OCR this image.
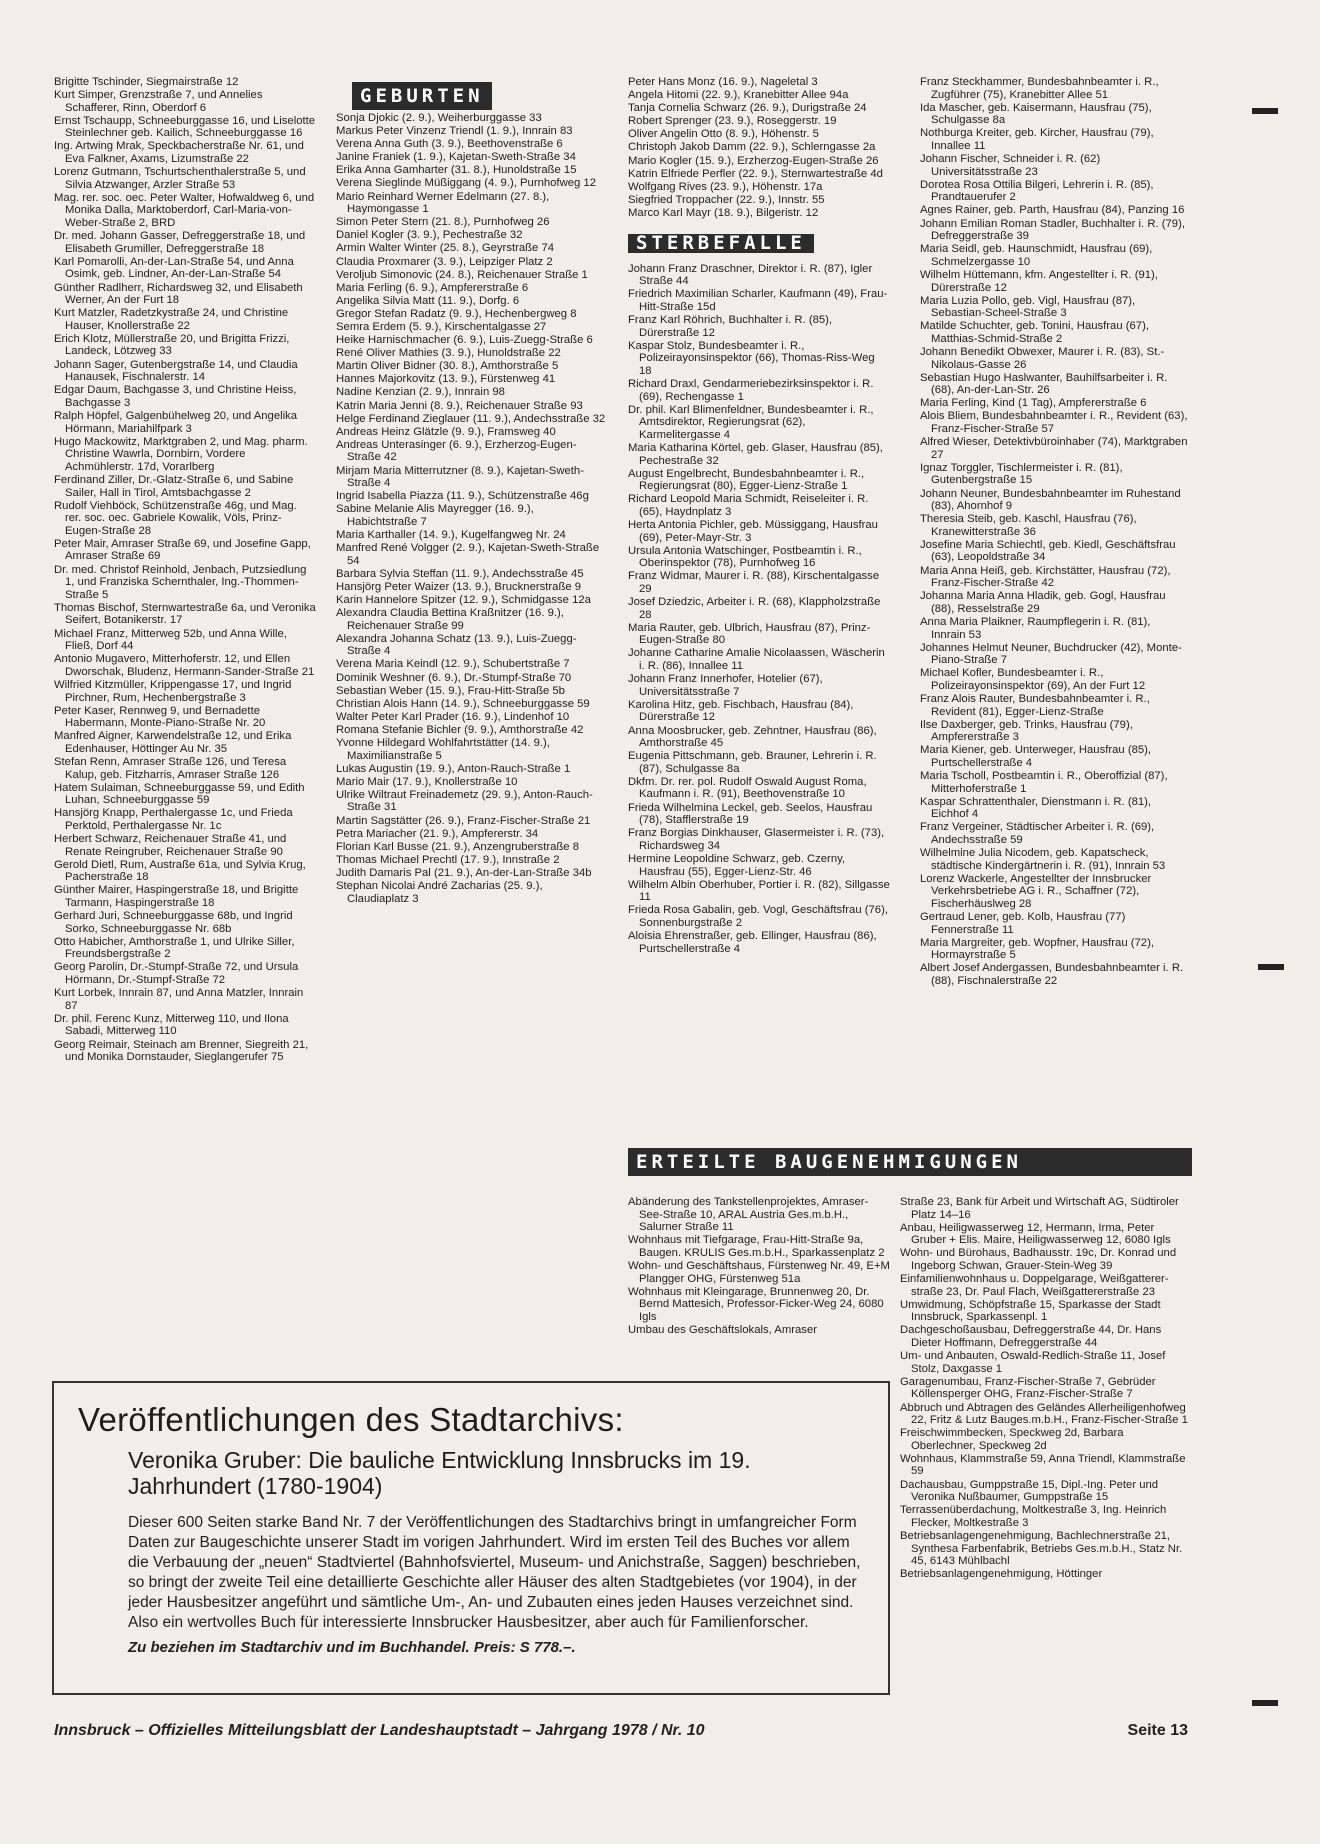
Brigitte Tschinder, Siegmairstraße 12

Kurt Simper, Grenzstraße 7, und Annelies Schafferer, Rinn, Oberdorf 6

Ernst Tschaupp, Schneeburggasse 16, und Liselotte Steinlechner geb. Kailich, Schneeburggasse 16

Ing. Artwing Mrak, Speckbacherstraße Nr. 61, und Eva Falkner, Axams, Lizumstraße 22

Lorenz Gutmann, Tschurtschenthalerstraße 5, und Silvia Atzwanger, Arzler Straße 53

Mag. rer. soc. oec. Peter Walter, Hofwaldweg 6, und Monika Dalla, Marktoberdorf, Carl-Maria-von-Weber-Straße 2, BRD

Dr. med. Johann Gasser, Defreggerstraße 18, und Elisabeth Grumiller, Defreggerstraße 18

Karl Pomarolli, An-der-Lan-Straße 54, und Anna Osimk, geb. Lindner, An-der-Lan-Straße 54

Günther Radlherr, Richardsweg 32, und Elisabeth Werner, An der Furt 18

Kurt Matzler, Radetzkystraße 24, und Christine Hauser, Knollerstraße 22

Erich Klotz, Müllerstraße 20, und Brigitta Frizzi, Landeck, Lötzweg 33

Johann Sager, Gutenbergstraße 14, und Claudia Hanausek, Fischnalerstr. 14

Edgar Daum, Bachgasse 3, und Christine Heiss, Bachgasse 3

Ralph Höpfel, Galgenbühelweg 20, und Angelika Hörmann, Mariahilfpark 3

Hugo Mackowitz, Marktgraben 2, und Mag. pharm. Christine Wawrla, Dornbirn, Vordere Achmühlerstr. 17d, Vorarlberg

Ferdinand Ziller, Dr.-Glatz-Straße 6, und Sabine Sailer, Hall in Tirol, Amtsbachgasse 2

Rudolf Viehböck, Schützenstraße 46g, und Mag. rer. soc. oec. Gabriele Kowalik, Völs, Prinz-Eugen-Straße 28

Peter Mair, Amraser Straße 69, und Josefine Gapp, Amraser Straße 69

Dr. med. Christof Reinhold, Jenbach, Putzsiedlung 1, und Franziska Schernthaler, Ing.-Thommen-Straße 5

Thomas Bischof, Sternwartestraße 6a, und Veronika Seifert, Botanikerstr. 17

Michael Franz, Mitterweg 52b, und Anna Wille, Fließ, Dorf 44

Antonio Mugavero, Mitterhoferstr. 12, und Ellen Dworschak, Bludenz, Hermann-Sander-Straße 21

Wilfried Kitzmüller, Krippengasse 17, und Ingrid Pirchner, Rum, Hechenbergstraße 3

Peter Kaser, Rennweg 9, und Bernadette Habermann, Monte-Piano-Straße Nr. 20

Manfred Aigner, Karwendelstraße 12, und Erika Edenhauser, Höttinger Au Nr. 35

Stefan Renn, Amraser Straße 126, und Teresa Kalup, geb. Fitzharris, Amraser Straße 126

Hatem Sulaiman, Schneeburggasse 59, und Edith Luhan, Schneeburggasse 59

Hansjörg Knapp, Perthalergasse 1c, und Frieda Perktold, Perthalergasse Nr. 1c

Herbert Schwarz, Reichenauer Straße 41, und Renate Reingruber, Reichenauer Straße 90

Gerold Dietl, Rum, Austraße 61a, und Sylvia Krug, Pacherstraße 18

Günther Mairer, Haspingerstraße 18, und Brigitte Tarmann, Haspingerstraße 18

Gerhard Juri, Schneeburggasse 68b, und Ingrid Sorko, Schneeburggasse Nr. 68b

Otto Habicher, Amthorstraße 1, und Ulrike Siller, Freundsbergstraße 2

Georg Parolin, Dr.-Stumpf-Straße 72, und Ursula Hörmann, Dr.-Stumpf-Straße 72

Kurt Lorbek, Innrain 87, und Anna Matzler, Innrain 87

Dr. phil. Ferenc Kunz, Mitterweg 110, und Ilona Sabadi, Mitterweg 110

Georg Reimair, Steinach am Brenner, Siegreith 21, und Monika Dornstauder, Sieglangerufer 75

GEBURTEN

Sonja Djokic (2. 9.), Weiherburggasse 33

Markus Peter Vinzenz Triendl (1. 9.), Innrain 83

Verena Anna Guth (3. 9.), Beethovenstraße 6

Janine Franiek (1. 9.), Kajetan-Sweth-Straße 34

Erika Anna Gamharter (31. 8.), Hunoldstraße 15

Verena Sieglinde Müßiggang (4. 9.), Purnhofweg 12

Mario Reinhard Werner Edelmann (27. 8.), Haymongasse 1

Simon Peter Stern (21. 8.), Purnhofweg 26

Daniel Kogler (3. 9.), Pechestraße 32

Armin Walter Winter (25. 8.), Geyrstraße 74

Claudia Proxmarer (3. 9.), Leipziger Platz 2

Veroljub Simonovic (24. 8.), Reichenauer Straße 1

Maria Ferling (6. 9.), Ampfererstraße 6

Angelika Silvia Matt (11. 9.), Dorfg. 6

Gregor Stefan Radatz (9. 9.), Hechenbergweg 8

Semra Erdem (5. 9.), Kirschentalgasse 27

Heike Harnischmacher (6. 9.), Luis-Zuegg-Straße 6

René Oliver Mathies (3. 9.), Hunoldstraße 22

Martin Oliver Bidner (30. 8.), Amthorstraße 5

Hannes Majorkovitz (13. 9.), Fürstenweg 41

Nadine Kenzian (2. 9.), Innrain 98

Katrin Maria Jenni (8. 9.), Reichenauer Straße 93

Helge Ferdinand Zieglauer (11. 9.), Andechsstraße 32

Andreas Heinz Glätzle (9. 9.), Framsweg 40

Andreas Unterasinger (6. 9.), Erzherzog-Eugen-Straße 42

Mirjam Maria Mitterrutzner (8. 9.), Kajetan-Sweth-Straße 4

Ingrid Isabella Piazza (11. 9.), Schützenstraße 46g

Sabine Melanie Alis Mayregger (16. 9.), Habichtstraße 7

Maria Karthaller (14. 9.), Kugelfangweg Nr. 24

Manfred René Volgger (2. 9.), Kajetan-Sweth-Straße 54

Barbara Sylvia Steffan (11. 9.), Andechsstraße 45

Hansjörg Peter Waizer (13. 9.), Brucknerstraße 9

Karin Hannelore Spitzer (12. 9.), Schmidgasse 12a

Alexandra Claudia Bettina Kraßnitzer (16. 9.), Reichenauer Straße 99

Alexandra Johanna Schatz (13. 9.), Luis-Zuegg-Straße 4

Verena Maria Keindl (12. 9.), Schubertstraße 7

Dominik Weshner (6. 9.), Dr.-Stumpf-Straße 70

Sebastian Weber (15. 9.), Frau-Hitt-Straße 5b

Christian Alois Hann (14. 9.), Schneeburggasse 59

Walter Peter Karl Prader (16. 9.), Lindenhof 10

Romana Stefanie Bichler (9. 9.), Amthorstraße 42

Yvonne Hildegard Wohlfahrtstätter (14. 9.), Maximilianstraße 5

Lukas Augustin (19. 9.), Anton-Rauch-Straße 1

Mario Mair (17. 9.), Knollerstraße 10

Ulrike Wiltraut Freinademetz (29. 9.), Anton-Rauch-Straße 31

Martin Sagstätter (26. 9.), Franz-Fischer-Straße 21

Petra Mariacher (21. 9.), Ampfererstr. 34

Florian Karl Busse (21. 9.), Anzengruberstraße 8

Thomas Michael Prechtl (17. 9.), Innstraße 2

Judith Damaris Pal (21. 9.), An-der-Lan-Straße 34b

Stephan Nicolai André Zacharias (25. 9.), Claudiaplatz 3

Peter Hans Monz (16. 9.), Nageletal 3

Angela Hitomi (22. 9.), Kranebitter Allee 94a

Tanja Cornelia Schwarz (26. 9.), Durigstraße 24

Robert Sprenger (23. 9.), Roseggerstr. 19

Oliver Angelin Otto (8. 9.), Höhenstr. 5

Christoph Jakob Damm (22. 9.), Schlerngasse 2a

Mario Kogler (15. 9.), Erzherzog-Eugen-Straße 26

Katrin Elfriede Perfler (22. 9.), Sternwartestraße 4d

Wolfgang Rives (23. 9.), Höhenstr. 17a

Siegfried Troppacher (22. 9.), Innstr. 55

Marco Karl Mayr (18. 9.), Bilgeristr. 12

STERBEFÄLLE

Johann Franz Draschner, Direktor i. R. (87), Igler Straße 44

Friedrich Maximilian Scharler, Kaufmann (49), Frau-Hitt-Straße 15d

Franz Karl Röhrich, Buchhalter i. R. (85), Dürerstraße 12

Kaspar Stolz, Bundesbeamter i. R., Polizeirayonsinspektor (66), Thomas-Riss-Weg 18

Richard Draxl, Gendarmeriebezirksinspektor i. R. (69), Rechengasse 1

Dr. phil. Karl Blimenfeldner, Bundesbeamter i. R., Amtsdirektor, Regierungsrat (62), Karmelitergasse 4

Maria Katharina Körtel, geb. Glaser, Hausfrau (85), Pechestraße 32

August Engelbrecht, Bundesbahnbeamter i. R., Regierungsrat (80), Egger-Lienz-Straße 1

Richard Leopold Maria Schmidt, Reiseleiter i. R. (65), Haydnplatz 3

Herta Antonia Pichler, geb. Müssiggang, Hausfrau (69), Peter-Mayr-Str. 3

Ursula Antonia Watschinger, Postbeamtin i. R., Oberinspektor (78), Purnhofweg 16

Franz Widmar, Maurer i. R. (88), Kirschentalgasse 29

Josef Dziedzic, Arbeiter i. R. (68), Klappholzstraße 28

Maria Rauter, geb. Ulbrich, Hausfrau (87), Prinz-Eugen-Straße 80

Johanne Catharine Amalie Nicolaassen, Wäscherin i. R. (86), Innallee 11

Johann Franz Innerhofer, Hotelier (67), Universitätsstraße 7

Karolina Hitz, geb. Fischbach, Hausfrau (84), Dürerstraße 12

Anna Moosbrucker, geb. Zehntner, Hausfrau (86), Amthorstraße 45

Eugenia Pittschmann, geb. Brauner, Lehrerin i. R. (87), Schulgasse 8a

Dkfm. Dr. rer. pol. Rudolf Oswald August Roma, Kaufmann i. R. (91), Beethovenstraße 10

Frieda Wilhelmina Leckel, geb. Seelos, Hausfrau (78), Stafflerstraße 19

Franz Borgias Dinkhauser, Glasermeister i. R. (73), Richardsweg 34

Hermine Leopoldine Schwarz, geb. Czerny, Hausfrau (55), Egger-Lienz-Str. 46

Wilhelm Albin Oberhuber, Portier i. R. (82), Sillgasse 11

Frieda Rosa Gabalin, geb. Vogl, Geschäftsfrau (76), Sonnenburgstraße 2

Aloisia Ehrenstraßer, geb. Ellinger, Hausfrau (86), Purtschellerstraße 4

Franz Steckhammer, Bundesbahnbeamter i. R., Zugführer (75), Kranebitter Allee 51

Ida Mascher, geb. Kaisermann, Hausfrau (75), Schulgasse 8a

Nothburga Kreiter, geb. Kircher, Hausfrau (79), Innallee 11

Johann Fischer, Schneider i. R. (62) Universitätsstraße 23

Dorotea Rosa Ottilia Bilgeri, Lehrerin i. R. (85), Prandtauerufer 2

Agnes Rainer, geb. Parth, Hausfrau (84), Panzing 16

Johann Emilian Roman Stadler, Buchhalter i. R. (79), Defreggerstraße 39

Maria Seidl, geb. Haunschmidt, Hausfrau (69), Schmelzergasse 10

Wilhelm Hüttemann, kfm. Angestellter i. R. (91), Dürerstraße 12

Maria Luzia Pollo, geb. Vigl, Hausfrau (87), Sebastian-Scheel-Straße 3

Matilde Schuchter, geb. Tonini, Hausfrau (67), Matthias-Schmid-Straße 2

Johann Benedikt Obwexer, Maurer i. R. (83), St.-Nikolaus-Gasse 26

Sebastian Hugo Haslwanter, Bauhilfsarbeiter i. R. (68), An-der-Lan-Str. 26

Maria Ferling, Kind (1 Tag), Ampfererstraße 6

Alois Bliem, Bundesbahnbeamter i. R., Revident (63), Franz-Fischer-Straße 57

Alfred Wieser, Detektivbüroinhaber (74), Marktgraben 27

Ignaz Torggler, Tischlermeister i. R. (81), Gutenbergstraße 15

Johann Neuner, Bundesbahnbeamter im Ruhestand (83), Ahornhof 9

Theresia Steib, geb. Kaschl, Hausfrau (76), Kranewitterstraße 36

Josefine Maria Schiechtl, geb. Kiedl, Geschäftsfrau (63), Leopoldstraße 34

Maria Anna Heiß, geb. Kirchstätter, Hausfrau (72), Franz-Fischer-Straße 42

Johanna Maria Anna Hladik, geb. Gogl, Hausfrau (88), Resselstraße 29

Anna Maria Plaikner, Raumpflegerin i. R. (81), Innrain 53

Johannes Helmut Neuner, Buchdrucker (42), Monte-Piano-Straße 7

Michael Kofler, Bundesbeamter i. R., Polizeirayonsinspektor (69), An der Furt 12

Franz Alois Rauter, Bundesbahnbeamter i. R., Revident (81), Egger-Lienz-Straße

Ilse Daxberger, geb. Trinks, Hausfrau (79), Ampfererstraße 3

Maria Kiener, geb. Unterweger, Hausfrau (85), Purtschellerstraße 4

Maria Tscholl, Postbeamtin i. R., Oberoffizial (87), Mitterhoferstraße 1

Kaspar Schrattenthaler, Dienstmann i. R. (81), Eichhof 4

Franz Vergeiner, Städtischer Arbeiter i. R. (69), Andechsstraße 59

Wilhelmine Julia Nicodem, geb. Kapatscheck, städtische Kindergärtnerin i. R. (91), Innrain 53

Lorenz Wackerle, Angestellter der Innsbrucker Verkehrsbetriebe AG i. R., Schaffner (72), Fischerhäuslweg 28

Gertraud Lener, geb. Kolb, Hausfrau (77) Fennerstraße 11

Maria Margreiter, geb. Wopfner, Hausfrau (72), Hormayrstraße 5

Albert Josef Andergassen, Bundesbahnbeamter i. R. (88), Fischnalerstraße 22

ERTEILTE BAUGENEHMIGUNGEN

Abänderung des Tankstellenprojektes, Amraser-See-Straße 10, ARAL Austria Ges.m.b.H., Salurner Straße 11

Wohnhaus mit Tiefgarage, Frau-Hitt-Straße 9a, Baugen. KRULIS Ges.m.b.H., Sparkassenplatz 2

Wohn- und Geschäftshaus, Fürstenweg Nr. 49, E+M Plangger OHG, Fürstenweg 51a

Wohnhaus mit Kleingarage, Brunnenweg 20, Dr. Bernd Mattesich, Professor-Ficker-Weg 24, 6080 Igls

Umbau des Geschäftslokals, Amraser

Straße 23, Bank für Arbeit und Wirtschaft AG, Südtiroler Platz 14–16

Anbau, Heiligwasserweg 12, Hermann, Irma, Peter Gruber + Elis. Maire, Heiligwasserweg 12, 6080 Igls

Wohn- und Bürohaus, Badhausstr. 19c, Dr. Konrad und Ingeborg Schwan, Grauer-Stein-Weg 39

Einfamilienwohnhaus u. Doppelgarage, Weißgattererstraße 23, Dr. Paul Flach, Weißgattererstraße 23

Umwidmung, Schöpfstraße 15, Sparkasse der Stadt Innsbruck, Sparkassenpl. 1

Dachgeschoßausbau, Defreggerstraße 44, Dr. Hans Dieter Hoffmann, Defreggerstraße 44

Um- und Anbauten, Oswald-Redlich-Straße 11, Josef Stolz, Daxgasse 1

Garagenumbau, Franz-Fischer-Straße 7, Gebrüder Köllensperger OHG, Franz-Fischer-Straße 7

Abbruch und Abtragen des Geländes Allerheiligenhofweg 22, Fritz & Lutz Bauges.m.b.H., Franz-Fischer-Straße 1

Freischwimmbecken, Speckweg 2d, Barbara Oberlechner, Speckweg 2d

Wohnhaus, Klammstraße 59, Anna Triendl, Klammstraße 59

Dachausbau, Gumppstraße 15, Dipl.-Ing. Peter und Veronika Nußbaumer, Gumppstraße 15

Terrassenüberdachung, Moltkestraße 3, Ing. Heinrich Flecker, Moltkestraße 3

Betriebsanlagengenehmigung, Bachlechnerstraße 21, Synthesa Farbenfabrik, Betriebs Ges.m.b.H., Statz Nr. 45, 6143 Mühlbachl

Betriebsanlagengenehmigung, Höttinger

Veröffentlichungen des Stadtarchivs:
Veronika Gruber: Die bauliche Entwicklung Innsbrucks im 19. Jahrhundert (1780-1904)
Dieser 600 Seiten starke Band Nr. 7 der Veröffentlichungen des Stadtarchivs bringt in umfangreicher Form Daten zur Baugeschichte unserer Stadt im vorigen Jahrhundert. Wird im ersten Teil des Buches vor allem die Verbauung der „neuen“ Stadtviertel (Bahnhofsviertel, Museum- und Anichstraße, Saggen) beschrieben, so bringt der zweite Teil eine detaillierte Geschichte aller Häuser des alten Stadtgebietes (vor 1904), in der jeder Hausbesitzer angeführt und sämtliche Um-, An- und Zubauten eines jeden Hauses verzeichnet sind. Also ein wertvolles Buch für interessierte Innsbrucker Hausbesitzer, aber auch für Familienforscher.
Zu beziehen im Stadtarchiv und im Buchhandel. Preis: S 778.–.
Innsbruck – Offizielles Mitteilungsblatt der Landeshauptstadt – Jahrgang 1978 / Nr. 10	Seite 13
